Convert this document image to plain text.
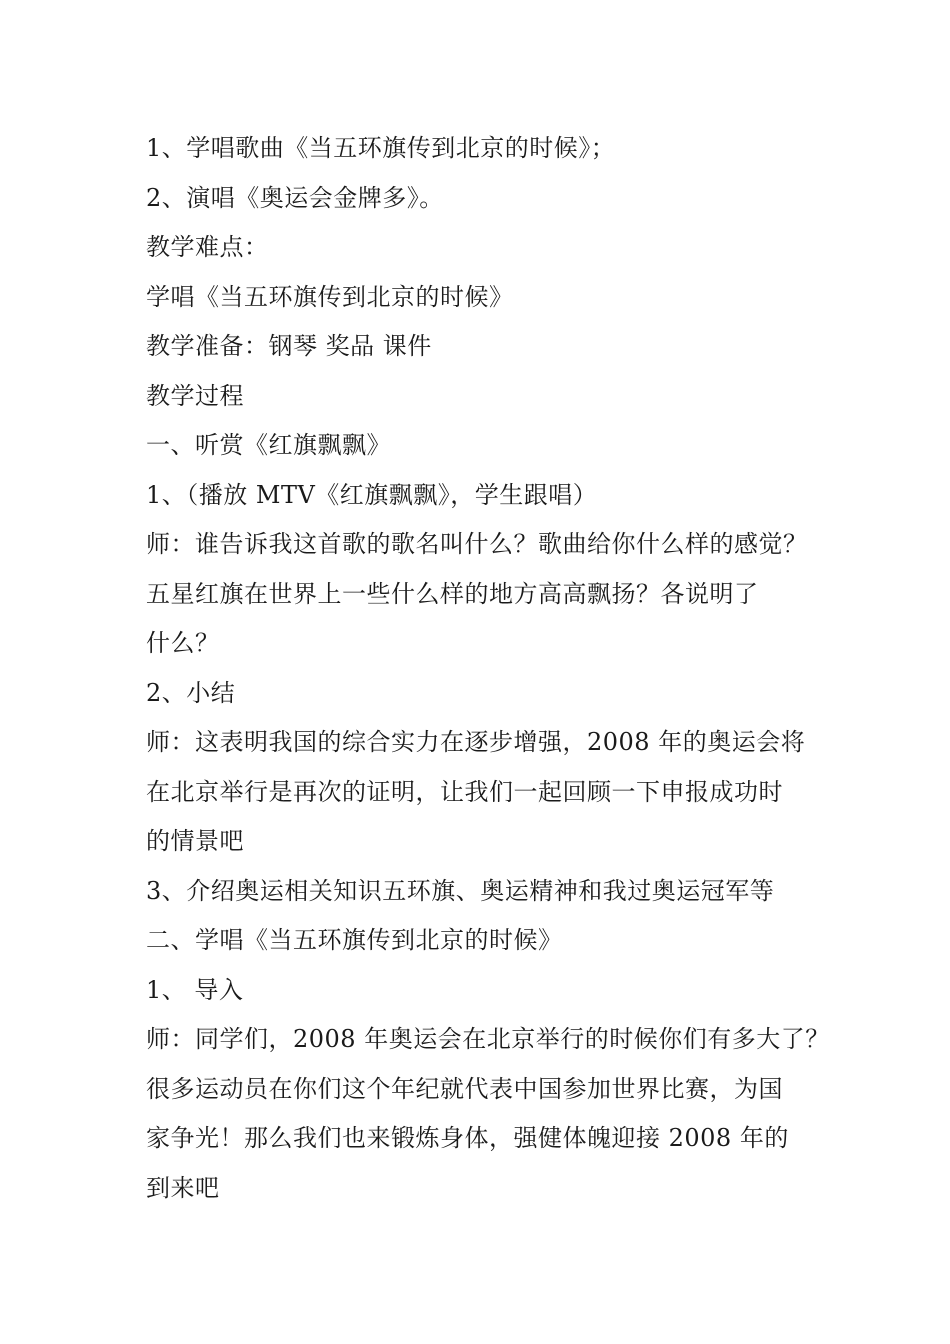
1、学唱歌曲《当五环旗传到北京的时候》；
2、演唱《奥运会金牌多》。
教学难点：
学唱《当五环旗传到北京的时候》
教学准备：钢琴 奖品 课件
教学过程
一、听赏《红旗飘飘》
1、（播放 MTV《红旗飘飘》，学生跟唱）
师：谁告诉我这首歌的歌名叫什么？歌曲给你什么样的感觉？
五星红旗在世界上一些什么样的地方高高飘扬？各说明了
什么？
2、小结
师：这表明我国的综合实力在逐步增强，2008 年的奥运会将
在北京举行是再次的证明，让我们一起回顾一下申报成功时
的情景吧
3、介绍奥运相关知识五环旗、奥运精神和我过奥运冠军等
二、学唱《当五环旗传到北京的时候》
1、 导入
师：同学们，2008 年奥运会在北京举行的时候你们有多大了？
很多运动员在你们这个年纪就代表中国参加世界比赛，为国
家争光！那么我们也来锻炼身体，强健体魄迎接 2008 年的
到来吧
